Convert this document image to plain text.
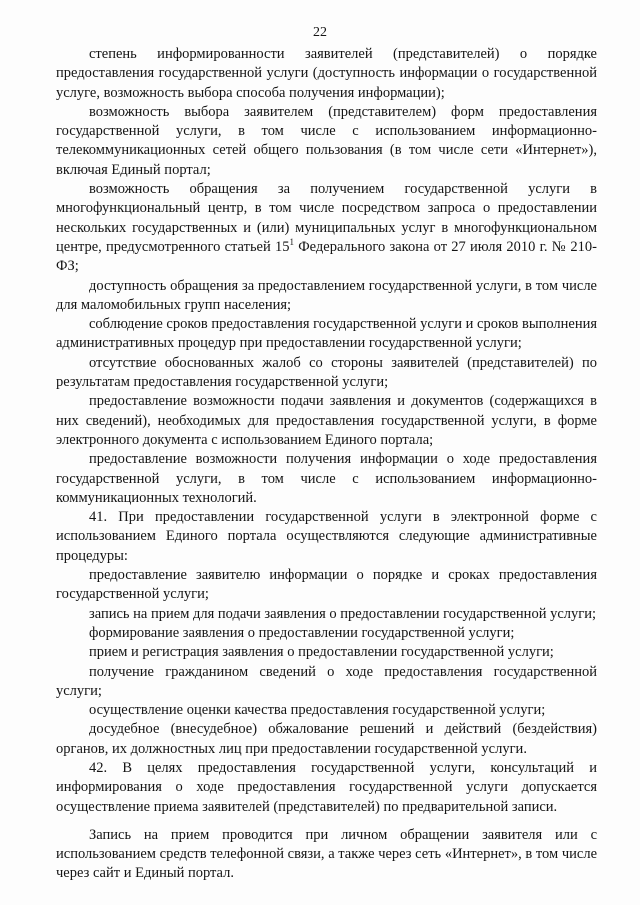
22

степень информированности заявителей (представителей) о порядке предоставления государственной услуги (доступность информации о государственной услуге, возможность выбора способа получения информации);

возможность выбора заявителем (представителем) форм предоставления государственной услуги, в том числе с использованием информационно-телекоммуникационных сетей общего пользования (в том числе сети «Интернет»), включая Единый портал;

возможность обращения за получением государственной услуги в многофункциональный центр, в том числе посредством запроса о предоставлении нескольких государственных и (или) муниципальных услуг в многофункциональном центре, предусмотренного статьей $15^1$ Федерального закона от 27 июля 2010 г. № 210-ФЗ;

доступность обращения за предоставлением государственной услуги, в том числе для маломобильных групп населения;

соблюдение сроков предоставления государственной услуги и сроков выполнения административных процедур при предоставлении государственной услуги;

отсутствие обоснованных жалоб со стороны заявителей (представителей) по результатам предоставления государственной услуги;

предоставление возможности подачи заявления и документов (содержащихся в них сведений), необходимых для предоставления государственной услуги, в форме электронного документа с использованием Единого портала;

предоставление возможности получения информации о ходе предоставления государственной услуги, в том числе с использованием информационно-коммуникационных технологий.

41. При предоставлении государственной услуги в электронной форме с использованием Единого портала осуществляются следующие административные процедуры:

предоставление заявителю информации о порядке и сроках предоставления государственной услуги;

запись на прием для подачи заявления о предоставлении государственной услуги;

формирование заявления о предоставлении государственной услуги;

прием и регистрация заявления о предоставлении государственной услуги;

получение гражданином сведений о ходе предоставления государственной услуги;

осуществление оценки качества предоставления государственной услуги;

досудебное (внесудебное) обжалование решений и действий (бездействия) органов, их должностных лиц при предоставлении государственной услуги.

42. В целях предоставления государственной услуги, консультаций и информирования о ходе предоставления государственной услуги допускается осуществление приема заявителей (представителей) по предварительной записи.

Запись на прием проводится при личном обращении заявителя или с использованием средств телефонной связи, а также через сеть «Интернет», в том числе через сайт и Единый портал.
